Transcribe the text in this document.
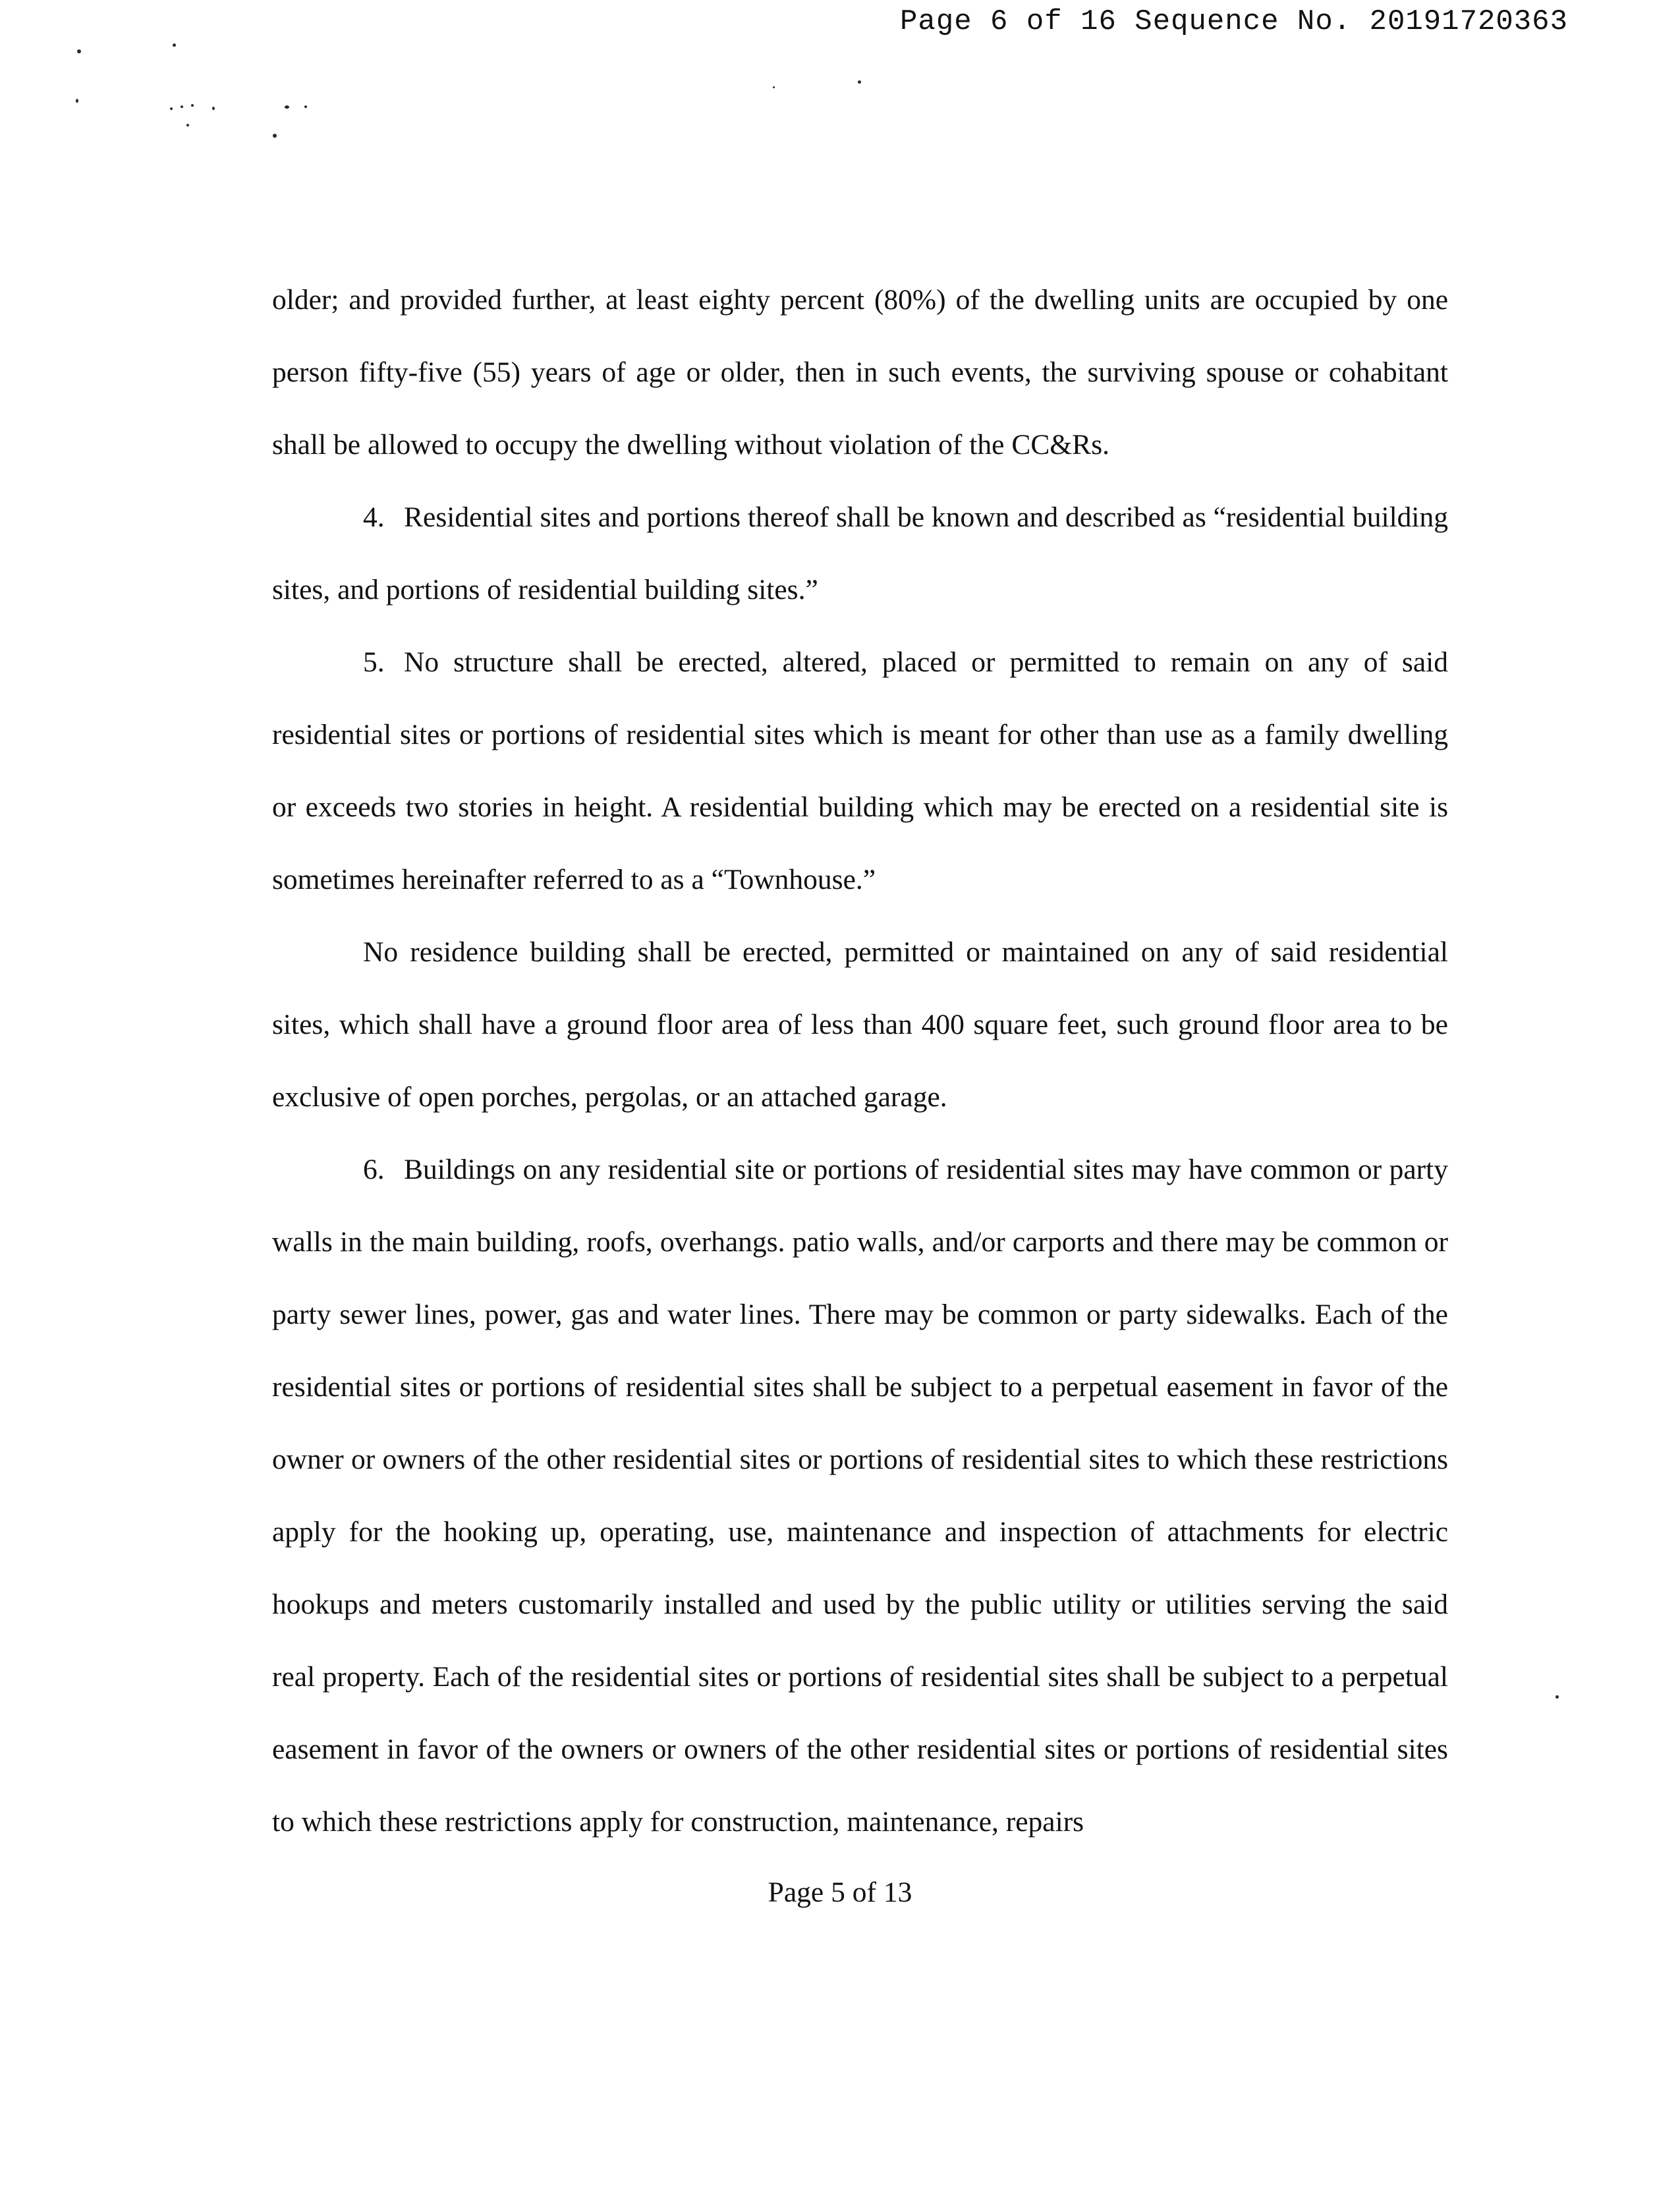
Page 6 of 16 Sequence No. 20191720363

older; and provided further, at least eighty percent (80%) of the dwelling units are occupied by one person fifty-five (55) years of age or older, then in such events, the surviving spouse or cohabitant shall be allowed to occupy the dwelling without violation of the CC&Rs.

4. Residential sites and portions thereof shall be known and described as “residential building sites, and portions of residential building sites.”

5. No structure shall be erected, altered, placed or permitted to remain on any of said residential sites or portions of residential sites which is meant for other than use as a family dwelling or exceeds two stories in height. A residential building which may be erected on a residential site is sometimes hereinafter referred to as a “Townhouse.”

No residence building shall be erected, permitted or maintained on any of said residential sites, which shall have a ground floor area of less than 400 square feet, such ground floor area to be exclusive of open porches, pergolas, or an attached garage.

6. Buildings on any residential site or portions of residential sites may have common or party walls in the main building, roofs, overhangs. patio walls, and/or carports and there may be common or party sewer lines, power, gas and water lines. There may be common or party sidewalks. Each of the residential sites or portions of residential sites shall be subject to a perpetual easement in favor of the owner or owners of the other residential sites or portions of residential sites to which these restrictions apply for the hooking up, operating, use, maintenance and inspection of attachments for electric hookups and meters customarily installed and used by the public utility or utilities serving the said real property. Each of the residential sites or portions of residential sites shall be subject to a perpetual easement in favor of the owners or owners of the other residential sites or portions of residential sites to which these restrictions apply for construction, maintenance, repairs

Page 5 of 13
